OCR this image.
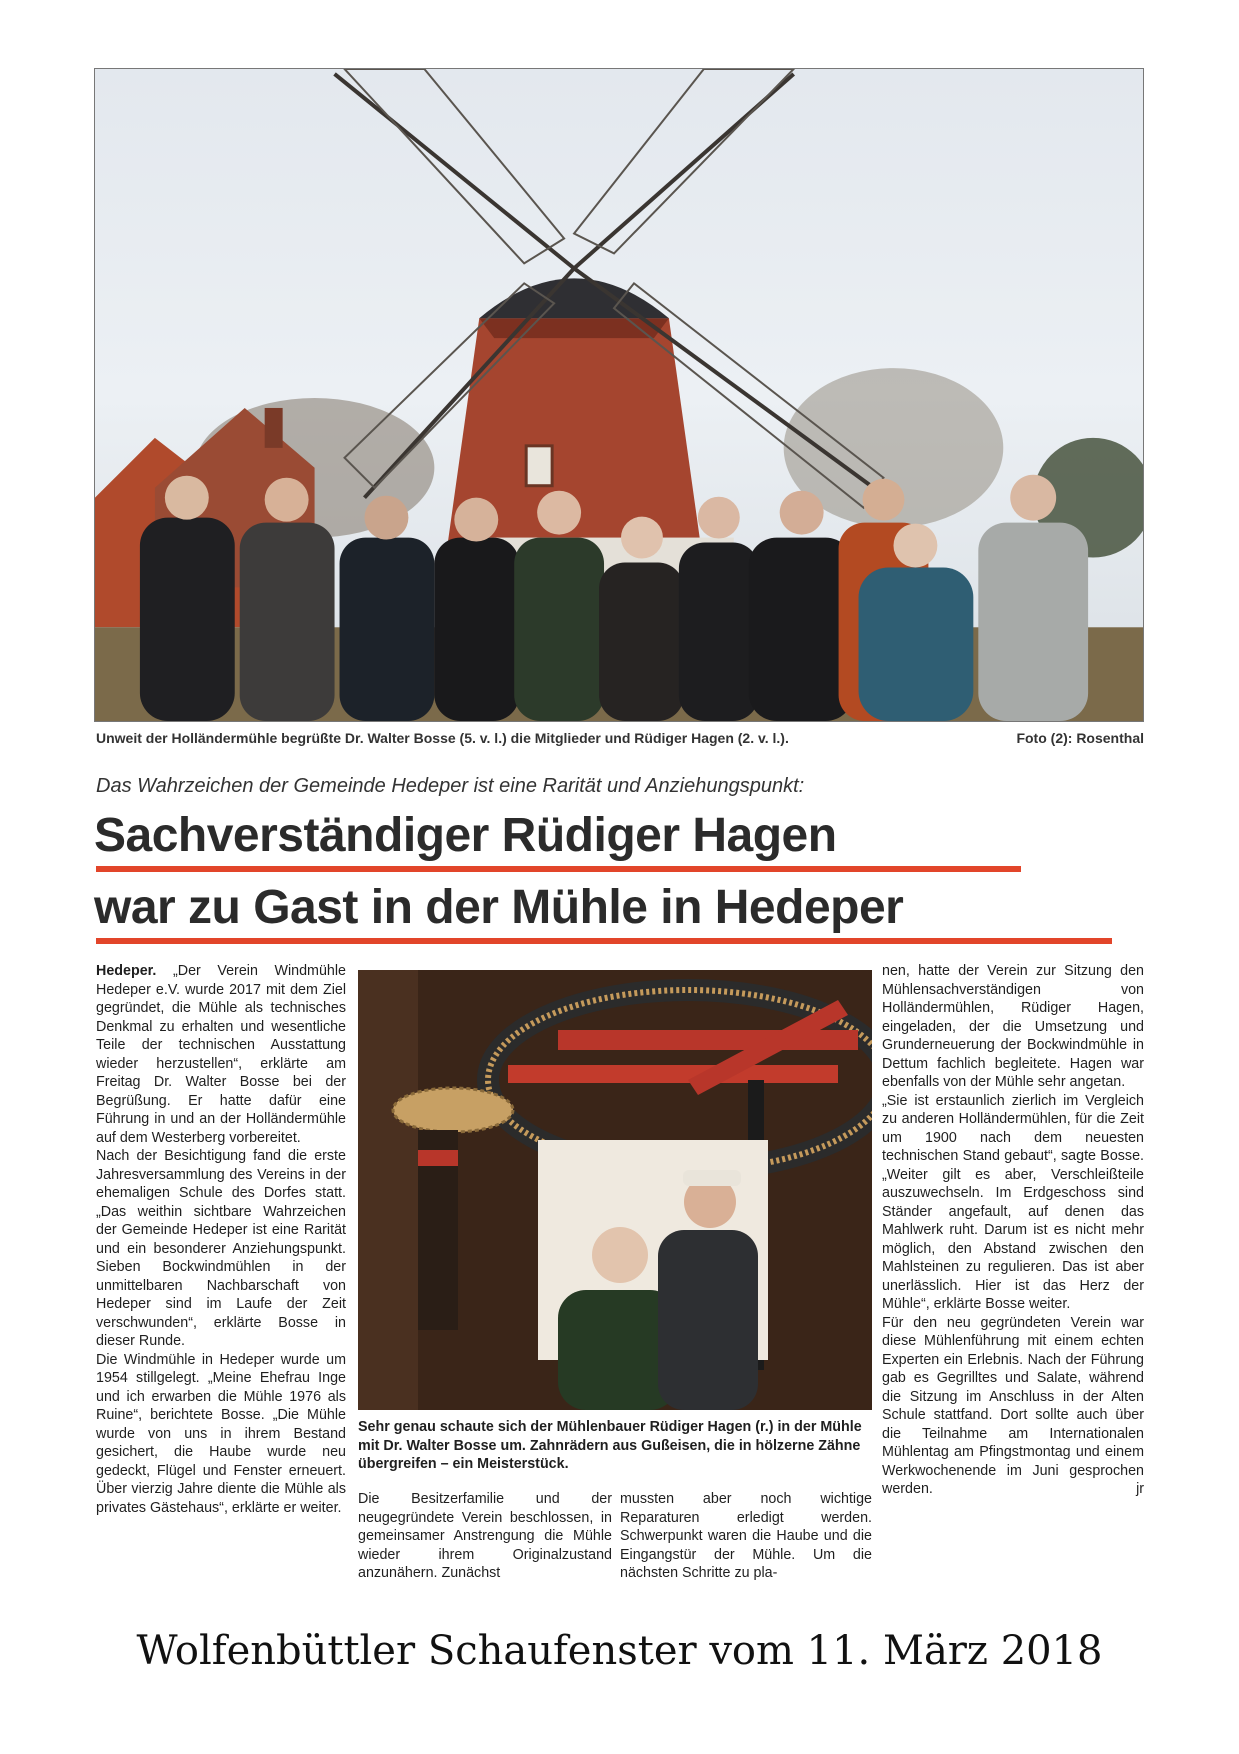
Unweit der Holländermühle begrüßte Dr. Walter Bosse (5. v. l.) die Mitglieder und Rüdiger Hagen (2. v. l.).	Foto (2): Rosenthal
Das Wahrzeichen der Gemeinde Hedeper ist eine Rarität und Anziehungspunkt:
Sachverständiger Rüdiger Hagen
war zu Gast in der Mühle in Hedeper

Hedeper. „Der Verein Windmühle Hedeper e.V. wurde 2017 mit dem Ziel gegründet, die Mühle als technisches Denkmal zu erhalten und wesentliche Teile der technischen Ausstattung wieder herzustellen“, erklärte am Freitag Dr. Walter Bosse bei der Begrüßung. Er hatte dafür eine Führung in und an der Holländermühle auf dem Westerberg vorbereitet.

Nach der Besichtigung fand die erste Jahresversammlung des Vereins in der ehemaligen Schule des Dorfes statt. „Das weithin sichtbare Wahrzeichen der Gemeinde Hedeper ist eine Rarität und ein besonderer Anziehungspunkt. Sieben Bockwindmühlen in der unmittelbaren Nachbarschaft von Hedeper sind im Laufe der Zeit verschwunden“, erklärte Bosse in dieser Runde.

Die Windmühle in Hedeper wurde um 1954 stillgelegt. „Meine Ehefrau Inge und ich erwarben die Mühle 1976 als Ruine“, berichtete Bosse. „Die Mühle wurde von uns in ihrem Bestand gesichert, die Haube wurde neu gedeckt, Flügel und Fenster erneuert. Über vierzig Jahre diente die Mühle als privates Gästehaus“, erklärte er weiter.

Sehr genau schaute sich der Mühlenbauer Rüdiger Hagen (r.) in der Mühle mit Dr. Walter Bosse um. Zahnrädern aus Gußeisen, die in hölzerne Zähne übergreifen – ein Meisterstück.

Die Besitzerfamilie und der neugegründete Verein beschlossen, in gemeinsamer Anstrengung die Mühle wieder ihrem Originalzustand anzunähern. Zunächst

mussten aber noch wichtige Reparaturen erledigt werden. Schwerpunkt waren die Haube und die Eingangstür der Mühle. Um die nächsten Schritte zu pla-

nen, hatte der Verein zur Sitzung den Mühlensachverständigen von Holländermühlen, Rüdiger Hagen, eingeladen, der die Umsetzung und Grunderneuerung der Bockwindmühle in Dettum fachlich begleitete. Hagen war ebenfalls von der Mühle sehr angetan.

„Sie ist erstaunlich zierlich im Vergleich zu anderen Holländermühlen, für die Zeit um 1900 nach dem neuesten technischen Stand gebaut“, sagte Bosse. „Weiter gilt es aber, Verschleißteile auszuwechseln. Im Erdgeschoss sind Ständer angefault, auf denen das Mahlwerk ruht. Darum ist es nicht mehr möglich, den Abstand zwischen den Mahlsteinen zu regulieren. Das ist aber unerlässlich. Hier ist das Herz der Mühle“, erklärte Bosse weiter.

Für den neu gegründeten Verein war diese Mühlenführung mit einem echten Experten ein Erlebnis. Nach der Führung gab es Gegrilltes und Salate, während die Sitzung im Anschluss in der Alten Schule stattfand. Dort sollte auch über die Teilnahme am Internationalen Mühlentag am Pfingstmontag und einem Werkwochenende im Juni gesprochen werden.	jr

Wolfenbüttler Schaufenster vom 11. März 2018
